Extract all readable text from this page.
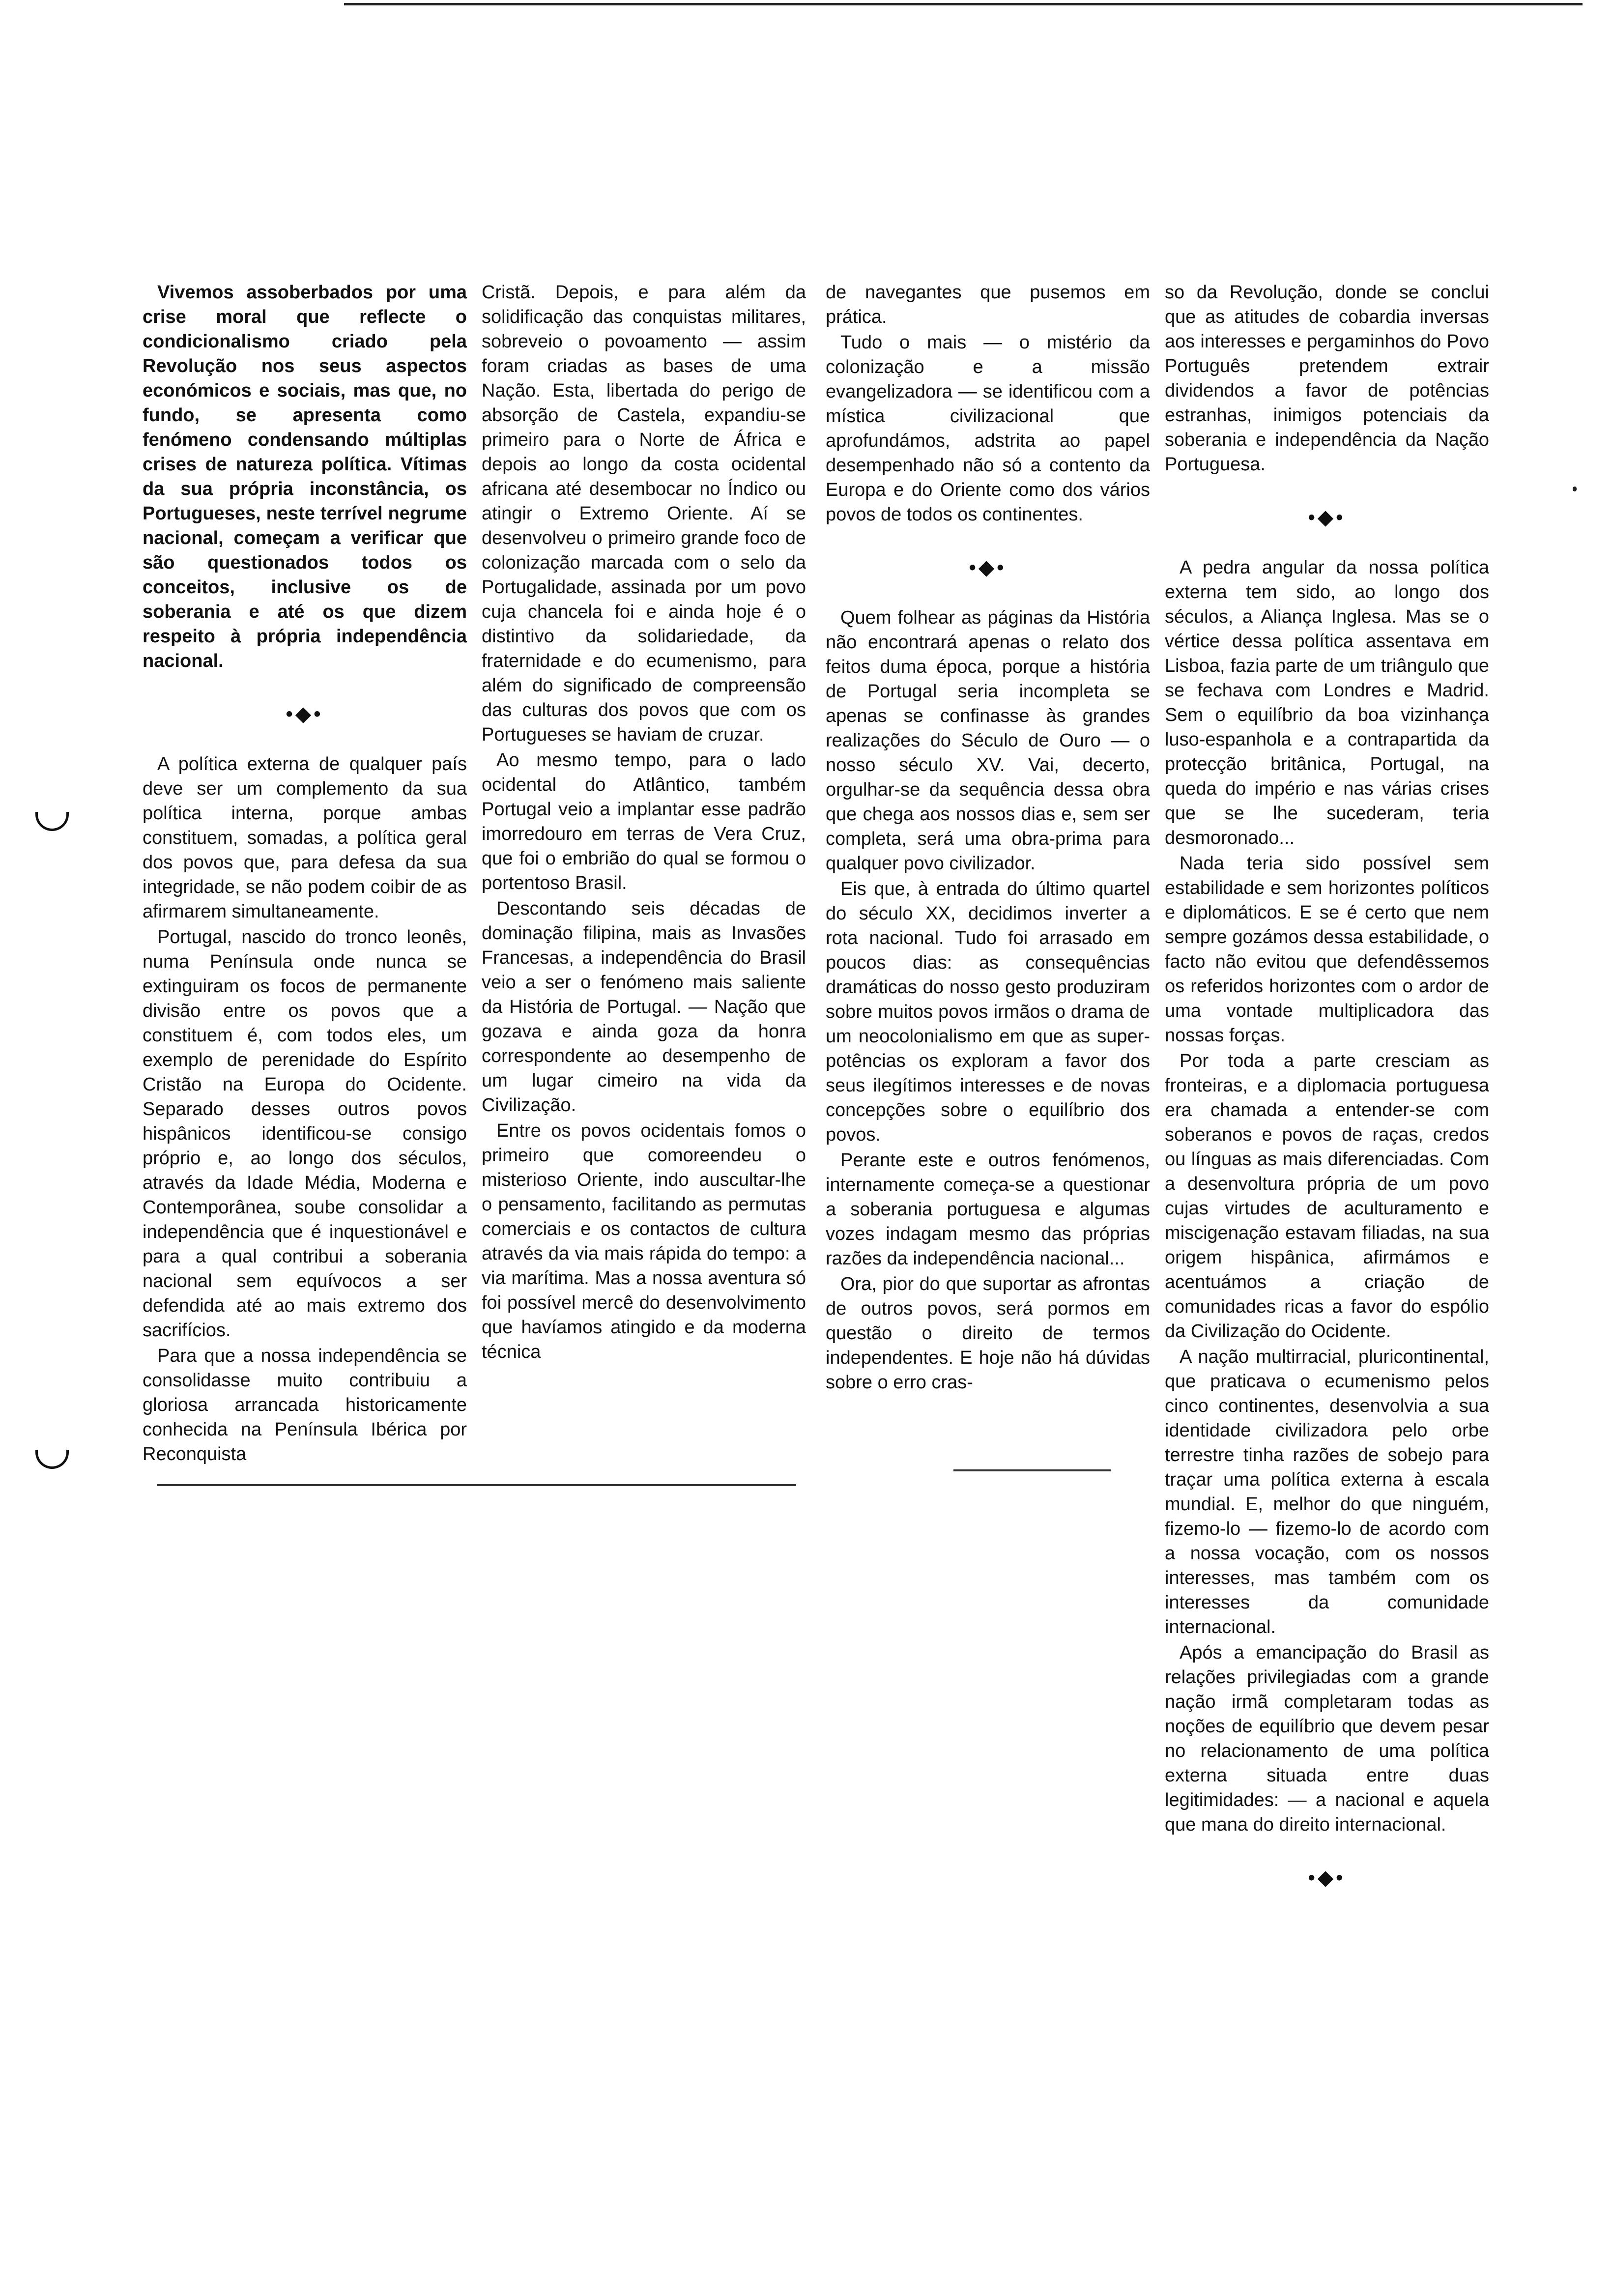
Vivemos assoberbados por uma crise moral que reflecte o condicionalismo criado pela Revolução nos seus aspectos económicos e sociais, mas que, no fundo, se apresenta como fenómeno condensando múltiplas crises de natureza política. Vítimas da sua própria inconstância, os Portugueses, neste terrível negrume nacional, começam a verificar que são questionados todos os conceitos, inclusive os de soberania e até os que dizem respeito à própria independência nacional.

•◆•

A política externa de qualquer país deve ser um complemento da sua política interna, porque ambas constituem, somadas, a política geral dos povos que, para defesa da sua integridade, se não podem coibir de as afirmarem simultaneamente.

Portugal, nascido do tronco leonês, numa Península onde nunca se extinguiram os focos de permanente divisão entre os povos que a constituem é, com todos eles, um exemplo de perenidade do Espírito Cristão na Europa do Ocidente. Separado desses outros povos hispânicos identificou-se consigo próprio e, ao longo dos séculos, através da Idade Média, Moderna e Contemporânea, soube consolidar a independência que é inquestionável e para a qual contribui a soberania nacional sem equívocos a ser defendida até ao mais extremo dos sacrifícios.

Para que a nossa independência se consolidasse muito contribuiu a gloriosa arrancada historicamente conhecida na Península Ibérica por Reconquista

Cristã. Depois, e para além da solidificação das conquistas militares, sobreveio o povoamento — assim foram criadas as bases de uma Nação. Esta, libertada do perigo de absorção de Castela, expandiu-se primeiro para o Norte de África e depois ao longo da costa ocidental africana até desembocar no Índico ou atingir o Extremo Oriente. Aí se desenvolveu o primeiro grande foco de colonização marcada com o selo da Portugalidade, assinada por um povo cuja chancela foi e ainda hoje é o distintivo da solidariedade, da fraternidade e do ecumenismo, para além do significado de compreensão das culturas dos povos que com os Portugueses se haviam de cruzar.

Ao mesmo tempo, para o lado ocidental do Atlântico, também Portugal veio a implantar esse padrão imorredouro em terras de Vera Cruz, que foi o embrião do qual se formou o portentoso Brasil.

Descontando seis décadas de dominação filipina, mais as Invasões Francesas, a independência do Brasil veio a ser o fenómeno mais saliente da História de Portugal. — Nação que gozava e ainda goza da honra correspondente ao desempenho de um lugar cimeiro na vida da Civilização.

Entre os povos ocidentais fomos o primeiro que comoreendeu o misterioso Oriente, indo auscultar-lhe o pensamento, facilitando as permutas comerciais e os contactos de cultura através da via mais rápida do tempo: a via marítima. Mas a nossa aventura só foi possível mercê do desenvolvimento que havíamos atingido e da moderna técnica

de navegantes que pusemos em prática.

Tudo o mais — o mistério da colonização e a missão evangelizadora — se identificou com a mística civilizacional que aprofundámos, adstrita ao papel desempenhado não só a contento da Europa e do Oriente como dos vários povos de todos os continentes.

•◆•

Quem folhear as páginas da História não encontrará apenas o relato dos feitos duma época, porque a história de Portugal seria incompleta se apenas se confinasse às grandes realizações do Século de Ouro — o nosso século XV. Vai, decerto, orgulhar-se da sequência dessa obra que chega aos nossos dias e, sem ser completa, será uma obra-prima para qualquer povo civilizador.

Eis que, à entrada do último quartel do século XX, decidimos inverter a rota nacional. Tudo foi arrasado em poucos dias: as consequências dramáticas do nosso gesto produziram sobre muitos povos irmãos o drama de um neocolonialismo em que as super-potências os exploram a favor dos seus ilegítimos interesses e de novas concepções sobre o equilíbrio dos povos.

Perante este e outros fenómenos, internamente começa-se a questionar a soberania portuguesa e algumas vozes indagam mesmo das próprias razões da independência nacional...

Ora, pior do que suportar as afrontas de outros povos, será pormos em questão o direito de termos independentes. E hoje não há dúvidas sobre o erro cras-

so da Revolução, donde se conclui que as atitudes de cobardia inversas aos interesses e pergaminhos do Povo Português pretendem extrair dividendos a favor de potências estranhas, inimigos potenciais da soberania e independência da Nação Portuguesa.

•◆•

A pedra angular da nossa política externa tem sido, ao longo dos séculos, a Aliança Inglesa. Mas se o vértice dessa política assentava em Lisboa, fazia parte de um triângulo que se fechava com Londres e Madrid. Sem o equilíbrio da boa vizinhança luso-espanhola e a contrapartida da protecção britânica, Portugal, na queda do império e nas várias crises que se lhe sucederam, teria desmoronado...

Nada teria sido possível sem estabilidade e sem horizontes políticos e diplomáticos. E se é certo que nem sempre gozámos dessa estabilidade, o facto não evitou que defendêssemos os referidos horizontes com o ardor de uma vontade multiplicadora das nossas forças.

Por toda a parte cresciam as fronteiras, e a diplomacia portuguesa era chamada a entender-se com soberanos e povos de raças, credos ou línguas as mais diferenciadas. Com a desenvoltura própria de um povo cujas virtudes de aculturamento e miscigenação estavam filiadas, na sua origem hispânica, afirmámos e acentuámos a criação de comunidades ricas a favor do espólio da Civilização do Ocidente.

A nação multirracial, pluricontinental, que praticava o ecumenismo pelos cinco continentes, desenvolvia a sua identidade civilizadora pelo orbe terrestre tinha razões de sobejo para traçar uma política externa à escala mundial. E, melhor do que ninguém, fizemo-lo — fizemo-lo de acordo com a nossa vocação, com os nossos interesses, mas também com os interesses da comunidade internacional.

Após a emancipação do Brasil as relações privilegiadas com a grande nação irmã completaram todas as noções de equilíbrio que devem pesar no relacionamento de uma política externa situada entre duas legitimidades: — a nacional e aquela que mana do direito internacional.

•◆•
